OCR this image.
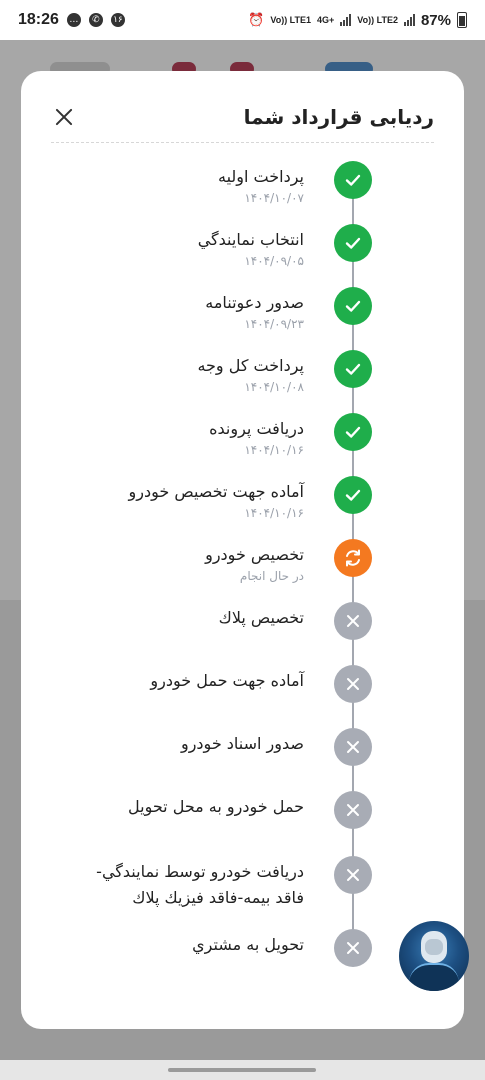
18:26 …	✆	۱۶	⏰ Vo)) LTE1 4G+	Vo)) LTE2 87%
ردیابی قرارداد شما
پرداخت اولیه
۱۴۰۴/۱۰/۰۷
انتخاب نمايندگي
۱۴۰۴/۰۹/۰۵
صدور دعوتنامه
۱۴۰۴/۰۹/۲۳
پرداخت كل وجه
۱۴۰۴/۱۰/۰۸
دريافت پرونده
۱۴۰۴/۱۰/۱۶
آماده جهت تخصيص خودرو
۱۴۰۴/۱۰/۱۶
تخصيص خودرو
در حال انجام
تخصيص پلاك
آماده جهت حمل خودرو
صدور اسناد خودرو
حمل خودرو به محل تحويل
دريافت خودرو توسط نمايندگي-فاقد بيمه-فاقد فيزيك پلاك
تحويل به مشتري
